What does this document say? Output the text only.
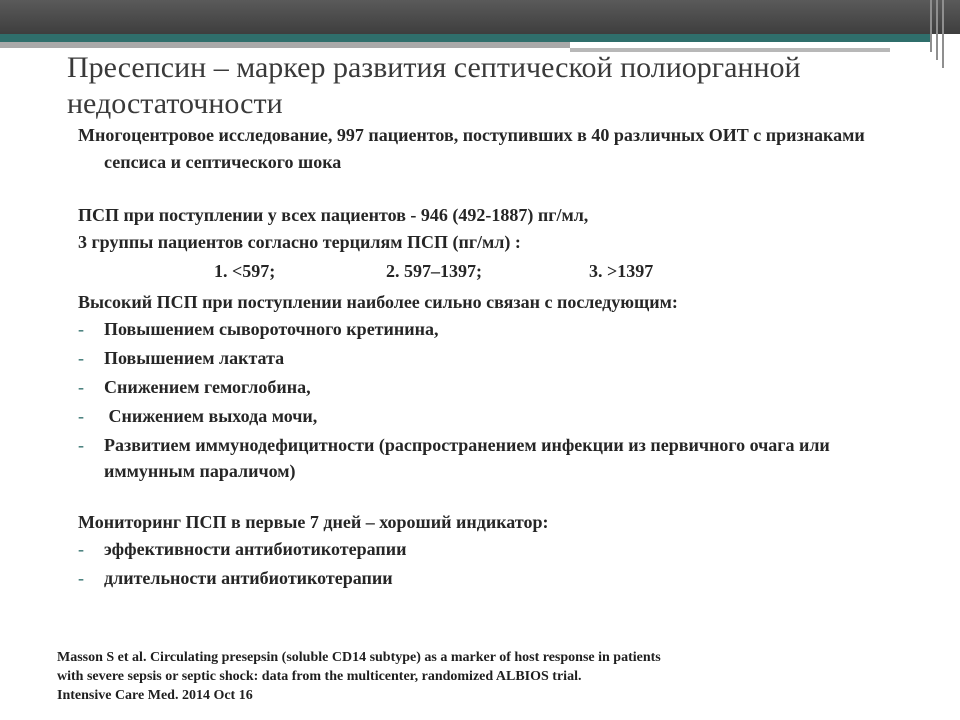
Пресепсин – маркер развития септической полиорганной недостаточности

Многоцентровое исследование, 997 пациентов, поступивших в 40 различных ОИТ с признаками сепсиса и септического шока

ПСП при поступлении у всех пациентов - 946 (492-1887) пг/мл,

3 группы пациентов согласно терцилям ПСП (пг/мл) :

1. <597;	2. 597–1397;	3. >1397

Высокий ПСП при поступлении наиболее сильно связан с последующим:

- Повышением сывороточного кретинина,
- Повышением лактата
- Снижением гемоглобина,
- Снижением выхода мочи,
- Развитием иммунодефицитности (распространением инфекции из первичного очага или иммунным параличом)

Мониторинг ПСП в первые 7 дней – хороший индикатор:

- эффективности антибиотикотерапии
- длительности антибиотикотерапии
Masson S et al. Circulating presepsin (soluble CD14 subtype) as a marker of host response in patients
with severe sepsis or septic shock: data from the multicenter, randomized ALBIOS trial.
Intensive Care Med. 2014 Oct 16
